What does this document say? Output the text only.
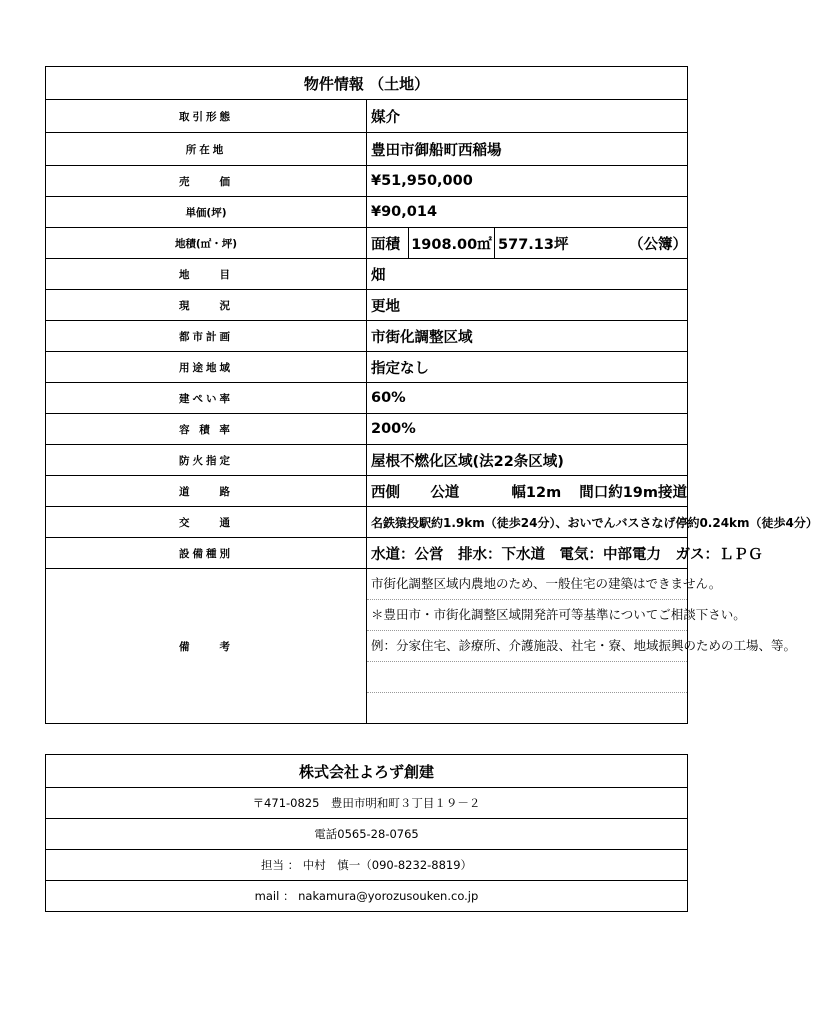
物件情報 （土地）	
取引形態	媒介
所在地	豊田市御船町西稲場
売　　価	¥51,950,000
単価(坪)	¥90,014
地積(㎡・坪)	面積 1908.00㎡ 577.13坪 （公簿）

地　　目	畑
現　　況	更地
都市計画	市街化調整区域
用途地域	指定なし
建ぺい率	60%
容 積 率	200%
防火指定	屋根不燃化区域(法22条区域)
道　　路	西側 公道 幅12m 間口約19m接道

交　　通	名鉄猿投駅約1.9km（徒歩24分）、おいでんバスさなげ停約0.24km（徒歩4分）
設備種別	水道：公営　排水：下水道　電気：中部電力　ガス：ＬＰＧ
備　　考	市街化調整区域内農地のため、一般住宅の建築はできません。
＊豊田市・市街化調整区域開発許可等基準についてご相談下さい。
例：分家住宅、診療所、介護施設、社宅・寮、地域振興のための工場、等。
株式会社よろず創建
〒471-0825　豊田市明和町３丁目１９－２
電話0565-28-0765
担当 ： 中村　慎一（090-8232-8819）
mail ： nakamura@yorozusouken.co.jp
